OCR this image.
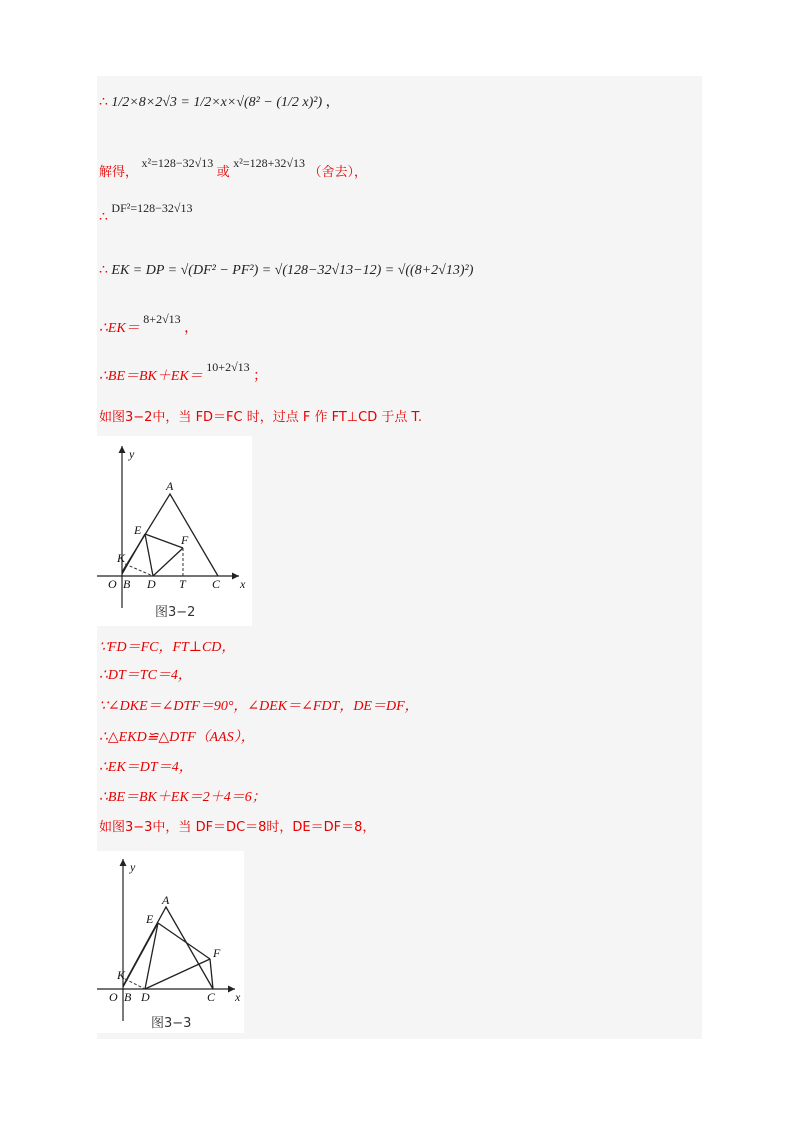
∴ 1/2×8×2√3 = 1/2×x×√(8² − (1/2 x)²) ，
解得， x²=128−32√13 或 x²=128+32√13 （舍去），
∴ DF²=128−32√13
∴ EK = DP = √(DF² − PF²) = √(128−32√13−12) = √((8+2√13)²)
∴EK＝ 8+2√13 ，
∴BE＝BK＋EK＝ 10+2√13 ；
如图3−2中，当 FD＝FC 时，过点 F 作 FT⊥CD 于点 T.
y
x
A
E
F
K
O B D T C
图3−2
∵FD＝FC，FT⊥CD，
∴DT＝TC＝4，
∵∠DKE＝∠DTF＝90°，∠DEK＝∠FDT，DE＝DF，
∴△EKD≌△DTF（AAS），
∴EK＝DT＝4，
∴BE＝BK＋EK＝2＋4＝6；
如图3−3中，当 DF＝DC＝8时，DE＝DF＝8，
y
x
A
E
F
K
O B D	C
图3−3
